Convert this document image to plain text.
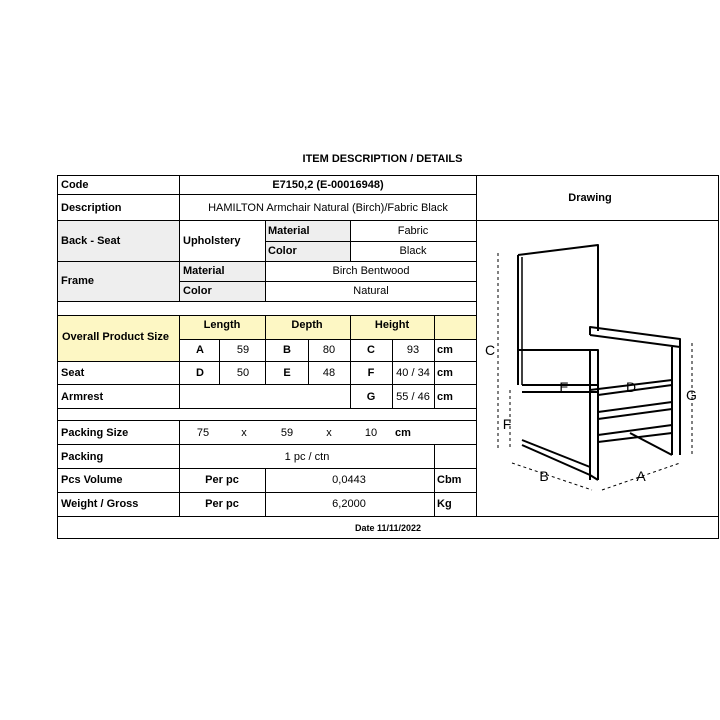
ITEM DESCRIPTION / DETAILS
Code	E7150,2 (E-00016948)
Description	HAMILTON Armchair Natural (Birch)/Fabric Black
Back - Seat	Upholstery
Material	Fabric
Color	Black
Frame
Material	Birch Bentwood
Color	Natural
Overall Product Size
Length	Depth	Height
A	59	B	80	C	93 cm
Seat	D	50	E	48	F 40 / 34 cm
Armrest	G 55 / 46 cm
Packing Size	75	x	59	x	10 cm
Packing	1 pc / ctn
Pcs Volume	Per pc	0,0443	Cbm
Weight / Gross	Per pc	6,2000	Kg
Date 11/11/2022
Drawing
C
G
F
E	D
B	A
